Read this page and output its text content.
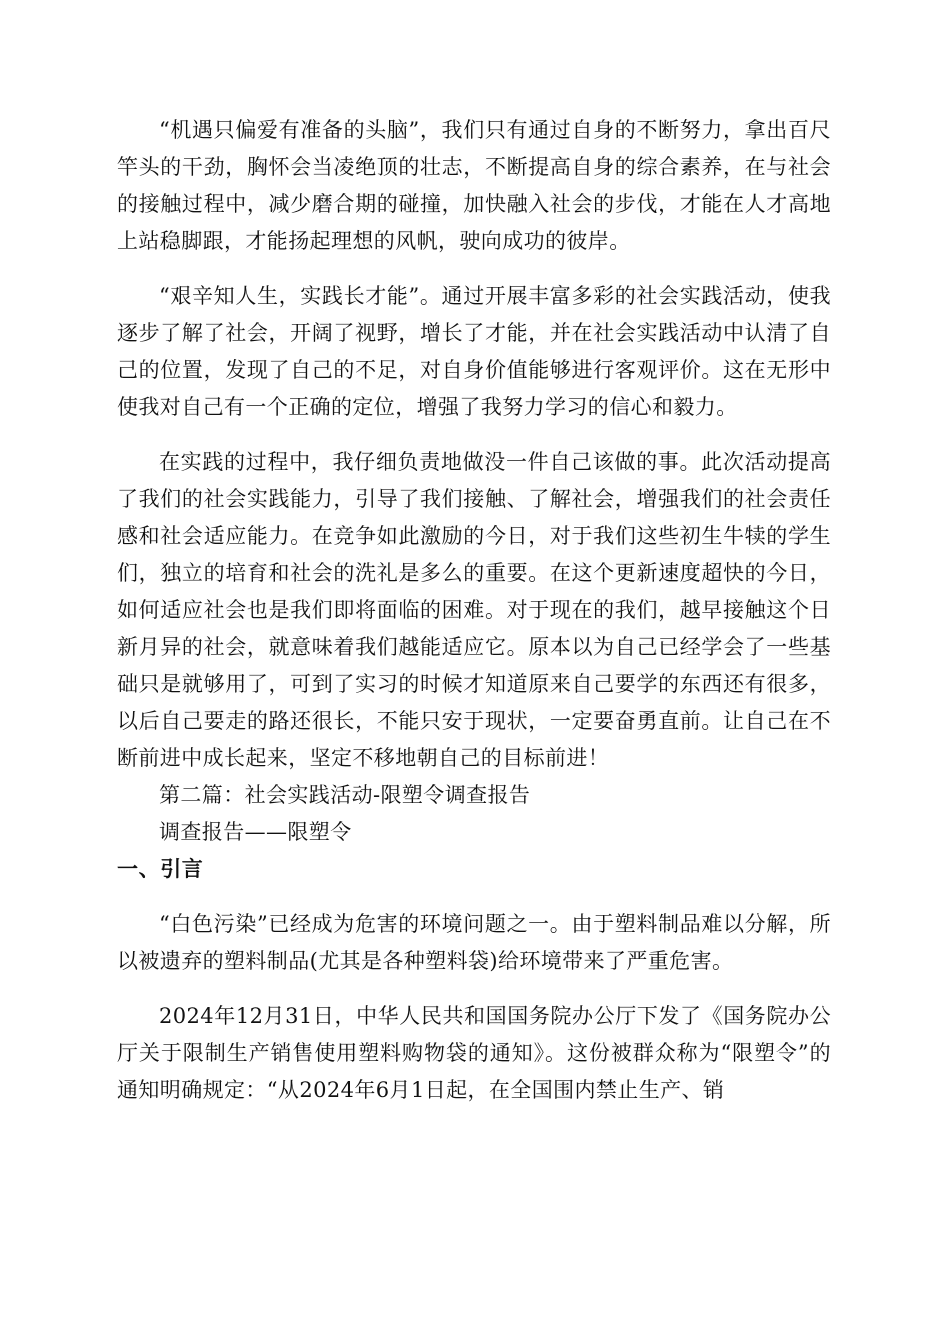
“机遇只偏爱有准备的头脑”，我们只有通过自身的不断努力，拿出百尺竿头的干劲，胸怀会当凌绝顶的壮志，不断提高自身的综合素养，在与社会的接触过程中，减少磨合期的碰撞，加快融入社会的步伐，才能在人才高地上站稳脚跟，才能扬起理想的风帆，驶向成功的彼岸。

“艰辛知人生，实践长才能”。通过开展丰富多彩的社会实践活动，使我逐步了解了社会，开阔了视野，增长了才能，并在社会实践活动中认清了自己的位置，发现了自己的不足，对自身价值能够进行客观评价。这在无形中使我对自己有一个正确的定位，增强了我努力学习的信心和毅力。

在实践的过程中，我仔细负责地做没一件自己该做的事。此次活动提高了我们的社会实践能力，引导了我们接触、了解社会，增强我们的社会责任感和社会适应能力。在竞争如此激励的今日，对于我们这些初生牛犊的学生们，独立的培育和社会的洗礼是多么的重要。在这个更新速度超快的今日，如何适应社会也是我们即将面临的困难。对于现在的我们，越早接触这个日新月异的社会，就意味着我们越能适应它。原本以为自己已经学会了一些基础只是就够用了，可到了实习的时候才知道原来自己要学的东西还有很多，以后自己要走的路还很长，不能只安于现状，一定要奋勇直前。让自己在不断前进中成长起来，坚定不移地朝自己的目标前进！

第二篇：社会实践活动-限塑令调查报告

调查报告——限塑令

一、引言

“白色污染”已经成为危害的环境问题之一。由于塑料制品难以分解，所以被遗弃的塑料制品(尤其是各种塑料袋)给环境带来了严重危害。

2024年12月31日，中华人民共和国国务院办公厅下发了《国务院办公厅关于限制生产销售使用塑料购物袋的通知》。这份被群众称为“限塑令”的通知明确规定：“从2024年6月1日起，在全国围内禁止生产、销
